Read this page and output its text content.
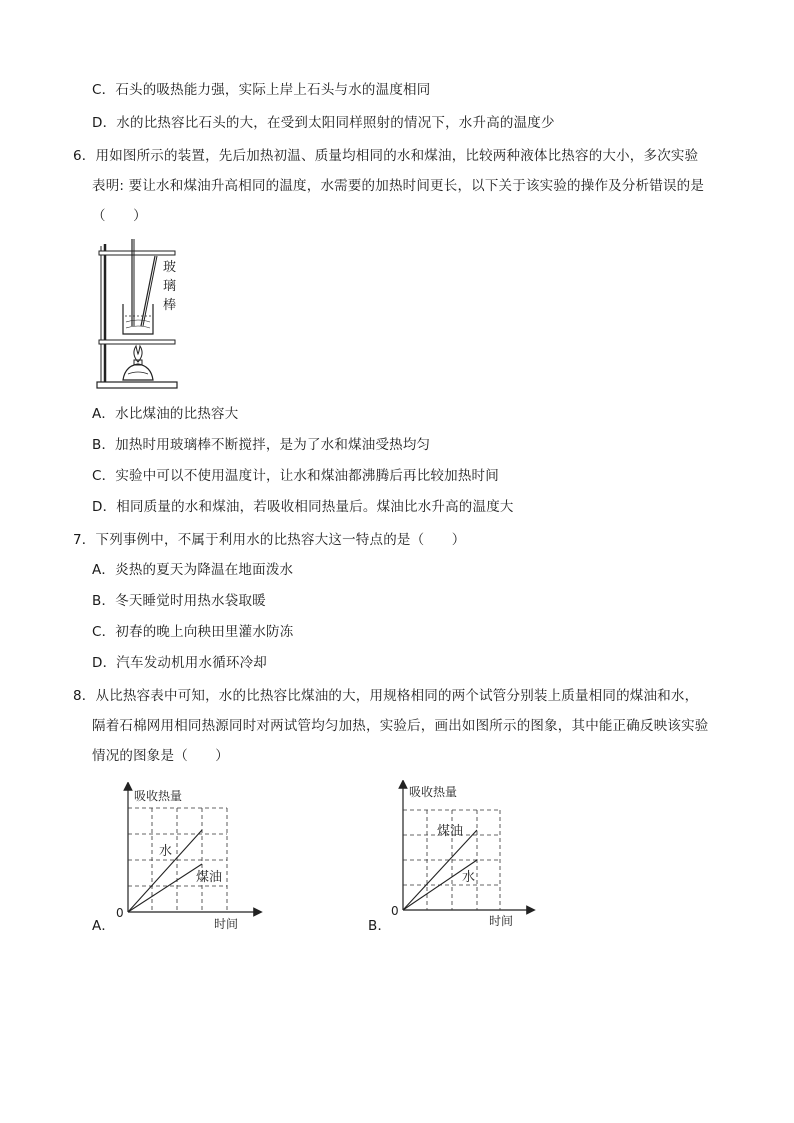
C．石头的吸热能力强，实际上岸上石头与水的温度相同
D．水的比热容比石头的大，在受到太阳同样照射的情况下，水升高的温度少
6．用如图所示的装置，先后加热初温、质量均相同的水和煤油，比较两种液体比热容的大小，多次实验
表明: 要让水和煤油升高相同的温度，水需要的加热时间更长，以下关于该实验的操作及分析错误的是
（　　）
玻
璃
棒
A．水比煤油的比热容大
B．加热时用玻璃棒不断搅拌，是为了水和煤油受热均匀
C．实验中可以不使用温度计，让水和煤油都沸腾后再比较加热时间
D．相同质量的水和煤油，若吸收相同热量后。煤油比水升高的温度大
7．下列事例中，不属于利用水的比热容大这一特点的是（　　）
A．炎热的夏天为降温在地面泼水
B．冬天睡觉时用热水袋取暖
C．初春的晚上向秧田里灌水防冻
D．汽车发动机用水循环冷却
8．从比热容表中可知，水的比热容比煤油的大，用规格相同的两个试管分别装上质量相同的煤油和水，
隔着石棉网用相同热源同时对两试管均匀加热，实验后，画出如图所示的图象，其中能正确反映该实验
情况的图象是（　　）
吸收热量
时间
0
水
煤油
A．
吸收热量
时间
0
煤油
水
B．
